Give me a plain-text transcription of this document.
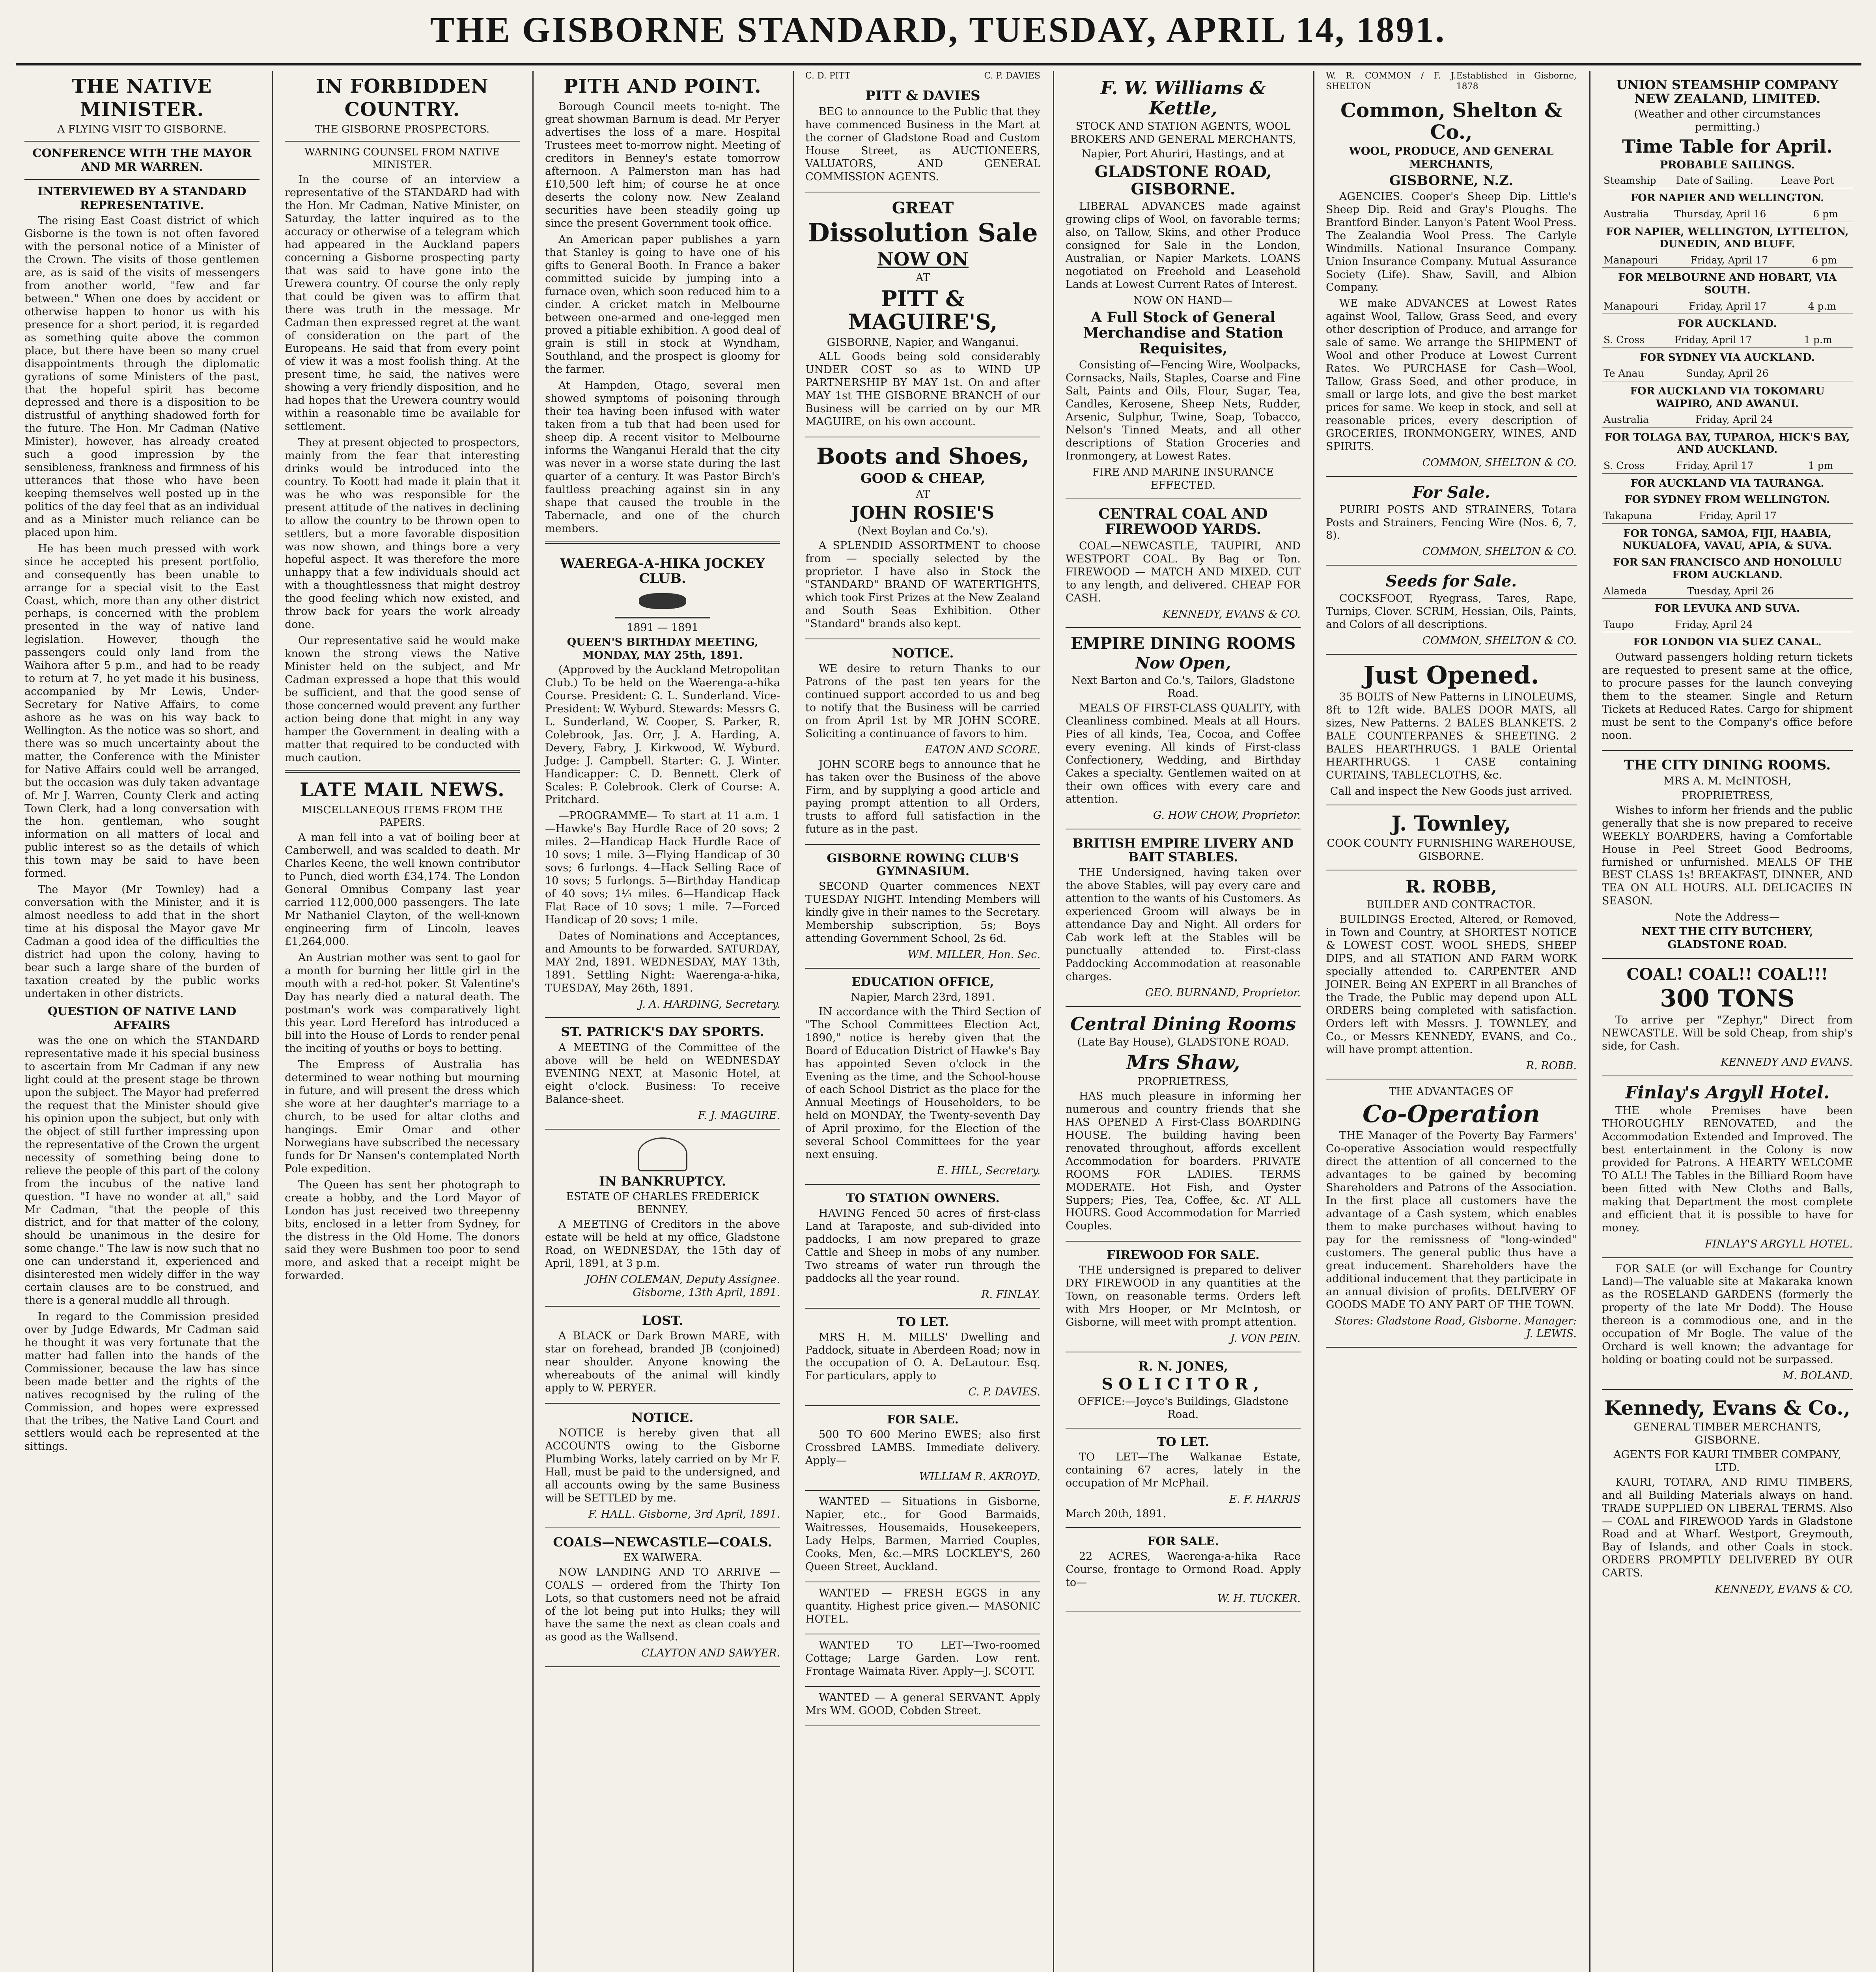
THE GISBORNE STANDARD, TUESDAY, APRIL 14, 1891.
THE NATIVE MINISTER.
A FLYING VISIT TO GISBORNE.
CONFERENCE WITH THE MAYOR AND MR WARREN.
INTERVIEWED BY A STANDARD REPRESENTATIVE.

The rising East Coast district of which Gisborne is the town is not often favored with the personal notice of a Minister of the Crown. The visits of those gentlemen are, as is said of the visits of messengers from another world, "few and far between." When one does by accident or otherwise happen to honor us with his presence for a short period, it is regarded as something quite above the common place, but there have been so many cruel disappointments through the diplomatic gyrations of some Ministers of the past, that the hopeful spirit has become depressed and there is a disposition to be distrustful of anything shadowed forth for the future. The Hon. Mr Cadman (Native Minister), however, has already created such a good impression by the sensibleness, frankness and firmness of his utterances that those who have been keeping themselves well posted up in the politics of the day feel that as an individual and as a Minister much reliance can be placed upon him.

He has been much pressed with work since he accepted his present portfolio, and consequently has been unable to arrange for a special visit to the East Coast, which, more than any other district perhaps, is concerned with the problem presented in the way of native land legislation. However, though the passengers could only land from the Waihora after 5 p.m., and had to be ready to return at 7, he yet made it his business, accompanied by Mr Lewis, Under-Secretary for Native Affairs, to come ashore as he was on his way back to Wellington. As the notice was so short, and there was so much uncertainty about the matter, the Conference with the Minister for Native Affairs could well be arranged, but the occasion was duly taken advantage of. Mr J. Warren, County Clerk and acting Town Clerk, had a long conversation with the hon. gentleman, who sought information on all matters of local and public interest so as the details of which this town may be said to have been formed.

The Mayor (Mr Townley) had a conversation with the Minister, and it is almost needless to add that in the short time at his disposal the Mayor gave Mr Cadman a good idea of the difficulties the district had upon the colony, having to bear such a large share of the burden of taxation created by the public works undertaken in other districts.

QUESTION OF NATIVE LAND AFFAIRS

was the one on which the STANDARD representative made it his special business to ascertain from Mr Cadman if any new light could at the present stage be thrown upon the subject. The Mayor had preferred the request that the Minister should give his opinion upon the subject, but only with the object of still further impressing upon the representative of the Crown the urgent necessity of something being done to relieve the people of this part of the colony from the incubus of the native land question. "I have no wonder at all," said Mr Cadman, "that the people of this district, and for that matter of the colony, should be unanimous in the desire for some change." The law is now such that no one can understand it, experienced and disinterested men widely differ in the way certain clauses are to be construed, and there is a general muddle all through.

In regard to the Commission presided over by Judge Edwards, Mr Cadman said he thought it was very fortunate that the matter had fallen into the hands of the Commissioner, because the law has since been made better and the rights of the natives recognised by the ruling of the Commission, and hopes were expressed that the tribes, the Native Land Court and settlers would each be represented at the sittings.

IN FORBIDDEN COUNTRY.
THE GISBORNE PROSPECTORS.
WARNING COUNSEL FROM NATIVE MINISTER.

In the course of an interview a representative of the STANDARD had with the Hon. Mr Cadman, Native Minister, on Saturday, the latter inquired as to the accuracy or otherwise of a telegram which had appeared in the Auckland papers concerning a Gisborne prospecting party that was said to have gone into the Urewera country. Of course the only reply that could be given was to affirm that there was truth in the message. Mr Cadman then expressed regret at the want of consideration on the part of the Europeans. He said that from every point of view it was a most foolish thing. At the present time, he said, the natives were showing a very friendly disposition, and he had hopes that the Urewera country would within a reasonable time be available for settlement.

They at present objected to prospectors, mainly from the fear that interesting drinks would be introduced into the country. To Koott had made it plain that it was he who was responsible for the present attitude of the natives in declining to allow the country to be thrown open to settlers, but a more favorable disposition was now shown, and things bore a very hopeful aspect. It was therefore the more unhappy that a few individuals should act with a thoughtlessness that might destroy the good feeling which now existed, and throw back for years the work already done.

Our representative said he would make known the strong views the Native Minister held on the subject, and Mr Cadman expressed a hope that this would be sufficient, and that the good sense of those concerned would prevent any further action being done that might in any way hamper the Government in dealing with a matter that required to be conducted with much caution.

LATE MAIL NEWS.
MISCELLANEOUS ITEMS FROM THE PAPERS.

A man fell into a vat of boiling beer at Camberwell, and was scalded to death. Mr Charles Keene, the well known contributor to Punch, died worth £34,174. The London General Omnibus Company last year carried 112,000,000 passengers. The late Mr Nathaniel Clayton, of the well-known engineering firm of Lincoln, leaves £1,264,000.

An Austrian mother was sent to gaol for a month for burning her little girl in the mouth with a red-hot poker. St Valentine's Day has nearly died a natural death. The postman's work was comparatively light this year. Lord Hereford has introduced a bill into the House of Lords to render penal the inciting of youths or boys to betting.

The Empress of Australia has determined to wear nothing but mourning in future, and will present the dress which she wore at her daughter's marriage to a church, to be used for altar cloths and hangings. Emir Omar and other Norwegians have subscribed the necessary funds for Dr Nansen's contemplated North Pole expedition.

The Queen has sent her photograph to create a hobby, and the Lord Mayor of London has just received two threepenny bits, enclosed in a letter from Sydney, for the distress in the Old Home. The donors said they were Bushmen too poor to send more, and asked that a receipt might be forwarded.

PITH AND POINT.

Borough Council meets to-night. The great showman Barnum is dead. Mr Peryer advertises the loss of a mare. Hospital Trustees meet to-morrow night. Meeting of creditors in Benney's estate tomorrow afternoon. A Palmerston man has had £10,500 left him; of course he at once deserts the colony now. New Zealand securities have been steadily going up since the present Government took office.

An American paper publishes a yarn that Stanley is going to have one of his gifts to General Booth. In France a baker committed suicide by jumping into a furnace oven, which soon reduced him to a cinder. A cricket match in Melbourne between one-armed and one-legged men proved a pitiable exhibition. A good deal of grain is still in stock at Wyndham, Southland, and the prospect is gloomy for the farmer.

At Hampden, Otago, several men showed symptoms of poisoning through their tea having been infused with water taken from a tub that had been used for sheep dip. A recent visitor to Melbourne informs the Wanganui Herald that the city was never in a worse state during the last quarter of a century. It was Pastor Birch's faultless preaching against sin in any shape that caused the trouble in the Tabernacle, and one of the church members.

WAEREGA-A-HIKA JOCKEY CLUB.
1891 — 1891
QUEEN'S BIRTHDAY MEETING, MONDAY, MAY 25th, 1891.

(Approved by the Auckland Metropolitan Club.) To be held on the Waerenga-a-hika Course. President: G. L. Sunderland. Vice-President: W. Wyburd. Stewards: Messrs G. L. Sunderland, W. Cooper, S. Parker, R. Colebrook, Jas. Orr, J. A. Harding, A. Devery, Fabry, J. Kirkwood, W. Wyburd. Judge: J. Campbell. Starter: G. J. Winter. Handicapper: C. D. Bennett. Clerk of Scales: P. Colebrook. Clerk of Course: A. Pritchard.

—PROGRAMME— To start at 11 a.m. 1—Hawke's Bay Hurdle Race of 20 sovs; 2 miles. 2—Handicap Hack Hurdle Race of 10 sovs; 1 mile. 3—Flying Handicap of 30 sovs; 6 furlongs. 4—Hack Selling Race of 10 sovs; 5 furlongs. 5—Birthday Handicap of 40 sovs; 1¼ miles. 6—Handicap Hack Flat Race of 10 sovs; 1 mile. 7—Forced Handicap of 20 sovs; 1 mile.

Dates of Nominations and Acceptances, and Amounts to be forwarded. SATURDAY, MAY 2nd, 1891. WEDNESDAY, MAY 13th, 1891. Settling Night: Waerenga-a-hika, TUESDAY, May 26th, 1891.

J. A. HARDING, Secretary.
ST. PATRICK'S DAY SPORTS.

A MEETING of the Committee of the above will be held on WEDNESDAY EVENING NEXT, at Masonic Hotel, at eight o'clock. Business: To receive Balance-sheet.

F. J. MAGUIRE.
IN BANKRUPTCY.
ESTATE OF CHARLES FREDERICK BENNEY.

A MEETING of Creditors in the above estate will be held at my office, Gladstone Road, on WEDNESDAY, the 15th day of April, 1891, at 3 p.m.

JOHN COLEMAN, Deputy Assignee. Gisborne, 13th April, 1891.
LOST.

A BLACK or Dark Brown MARE, with star on forehead, branded JB (conjoined) near shoulder. Anyone knowing the whereabouts of the animal will kindly apply to W. PERYER.

NOTICE.

NOTICE is hereby given that all ACCOUNTS owing to the Gisborne Plumbing Works, lately carried on by Mr F. Hall, must be paid to the undersigned, and all accounts owing by the same Business will be SETTLED by me.

F. HALL. Gisborne, 3rd April, 1891.
COALS—NEWCASTLE—COALS.
EX WAIWERA.

NOW LANDING AND TO ARRIVE — COALS — ordered from the Thirty Ton Lots, so that customers need not be afraid of the lot being put into Hulks; they will have the same the next as clean coals and as good as the Wallsend.

CLAYTON AND SAWYER.
C. D. PITT	C. P. DAVIES
PITT & DAVIES

BEG to announce to the Public that they have commenced Business in the Mart at the corner of Gladstone Road and Custom House Street, as AUCTIONEERS, VALUATORS, AND GENERAL COMMISSION AGENTS.

GREAT
Dissolution Sale
NOW ON
AT
PITT & MAGUIRE'S,
GISBORNE, Napier, and Wanganui.

ALL Goods being sold considerably UNDER COST so as to WIND UP PARTNERSHIP BY MAY 1st. On and after MAY 1st THE GISBORNE BRANCH of our Business will be carried on by our MR MAGUIRE, on his own account.

Boots and Shoes,
GOOD & CHEAP,
AT
JOHN ROSIE'S
(Next Boylan and Co.'s).

A SPLENDID ASSORTMENT to choose from — specially selected by the proprietor. I have also in Stock the "STANDARD" BRAND OF WATERTIGHTS, which took First Prizes at the New Zealand and South Seas Exhibition. Other "Standard" brands also kept.

NOTICE.

WE desire to return Thanks to our Patrons of the past ten years for the continued support accorded to us and beg to notify that the Business will be carried on from April 1st by MR JOHN SCORE. Soliciting a continuance of favors to him.

EATON AND SCORE.

JOHN SCORE begs to announce that he has taken over the Business of the above Firm, and by supplying a good article and paying prompt attention to all Orders, trusts to afford full satisfaction in the future as in the past.

GISBORNE ROWING CLUB'S GYMNASIUM.

SECOND Quarter commences NEXT TUESDAY NIGHT. Intending Members will kindly give in their names to the Secretary. Membership subscription, 5s; Boys attending Government School, 2s 6d.

WM. MILLER, Hon. Sec.
EDUCATION OFFICE,
Napier, March 23rd, 1891.

IN accordance with the Third Section of "The School Committees Election Act, 1890," notice is hereby given that the Board of Education District of Hawke's Bay has appointed Seven o'clock in the Evening as the time, and the School-house of each School District as the place for the Annual Meetings of Householders, to be held on MONDAY, the Twenty-seventh Day of April proximo, for the Election of the several School Committees for the year next ensuing.

E. HILL, Secretary.
TO STATION OWNERS.

HAVING Fenced 50 acres of first-class Land at Taraposte, and sub-divided into paddocks, I am now prepared to graze Cattle and Sheep in mobs of any number. Two streams of water run through the paddocks all the year round.

R. FINLAY.
TO LET.

MRS H. M. MILLS' Dwelling and Paddock, situate in Aberdeen Road; now in the occupation of O. A. DeLautour. Esq. For particulars, apply to

C. P. DAVIES.
FOR SALE.

500 TO 600 Merino EWES; also first Crossbred LAMBS. Immediate delivery. Apply—

WILLIAM R. AKROYD.

WANTED — Situations in Gisborne, Napier, etc., for Good Barmaids, Waitresses, Housemaids, Housekeepers, Lady Helps, Barmen, Married Couples, Cooks, Men, &c.—MRS LOCKLEY'S, 260 Queen Street, Auckland.

WANTED — FRESH EGGS in any quantity. Highest price given.— MASONIC HOTEL.

WANTED TO LET—Two-roomed Cottage; Large Garden. Low rent. Frontage Waimata River. Apply—J. SCOTT.

WANTED — A general SERVANT. Apply Mrs WM. GOOD, Cobden Street.

F. W. Williams & Kettle,
STOCK AND STATION AGENTS, WOOL BROKERS AND GENERAL MERCHANTS,
Napier, Port Ahuriri, Hastings, and at
GLADSTONE ROAD, GISBORNE.

LIBERAL ADVANCES made against growing clips of Wool, on favorable terms; also, on Tallow, Skins, and other Produce consigned for Sale in the London, Australian, or Napier Markets. LOANS negotiated on Freehold and Leasehold Lands at Lowest Current Rates of Interest.

NOW ON HAND—
A Full Stock of General Merchandise and Station Requisites,

Consisting of—Fencing Wire, Woolpacks, Cornsacks, Nails, Staples, Coarse and Fine Salt, Paints and Oils, Flour, Sugar, Tea, Candles, Kerosene, Sheep Nets, Rudder, Arsenic, Sulphur, Twine, Soap, Tobacco, Nelson's Tinned Meats, and all other descriptions of Station Groceries and Ironmongery, at Lowest Rates.

FIRE AND MARINE INSURANCE EFFECTED.
CENTRAL COAL AND FIREWOOD YARDS.

COAL—NEWCASTLE, TAUPIRI, AND WESTPORT COAL. By Bag or Ton. FIREWOOD — MATCH AND MIXED. CUT to any length, and delivered. CHEAP FOR CASH.

KENNEDY, EVANS & CO.
EMPIRE DINING ROOMS
Now Open,
Next Barton and Co.'s, Tailors, Gladstone Road.

MEALS OF FIRST-CLASS QUALITY, with Cleanliness combined. Meals at all Hours. Pies of all kinds, Tea, Cocoa, and Coffee every evening. All kinds of First-class Confectionery, Wedding, and Birthday Cakes a specialty. Gentlemen waited on at their own offices with every care and attention.

G. HOW CHOW, Proprietor.
BRITISH EMPIRE LIVERY AND BAIT STABLES.

THE Undersigned, having taken over the above Stables, will pay every care and attention to the wants of his Customers. As experienced Groom will always be in attendance Day and Night. All orders for Cab work left at the Stables will be punctually attended to. First-class Paddocking Accommodation at reasonable charges.

GEO. BURNAND, Proprietor.
Central Dining Rooms
(Late Bay House), GLADSTONE ROAD.
Mrs Shaw,
PROPRIETRESS,

HAS much pleasure in informing her numerous and country friends that she HAS OPENED A First-Class BOARDING HOUSE. The building having been renovated throughout, affords excellent Accommodation for boarders. PRIVATE ROOMS FOR LADIES. TERMS MODERATE. Hot Fish, and Oyster Suppers; Pies, Tea, Coffee, &c. AT ALL HOURS. Good Accommodation for Married Couples.

FIREWOOD FOR SALE.

THE undersigned is prepared to deliver DRY FIREWOOD in any quantities at the Town, on reasonable terms. Orders left with Mrs Hooper, or Mr McIntosh, or Gisborne, will meet with prompt attention.

J. VON PEIN.
R. N. JONES,
SOLICITOR,
OFFICE:—Joyce's Buildings, Gladstone Road.
TO LET.

TO LET—The Walkanae Estate, containing 67 acres, lately in the occupation of Mr McPhail.

E. F. HARRIS
March 20th, 1891.
FOR SALE.

22 ACRES, Waerenga-a-hika Race Course, frontage to Ormond Road. Apply to—

W. H. TUCKER.
W. R. COMMON / F. J. SHELTON
Established in Gisborne, 1878
Common, Shelton & Co.,
WOOL, PRODUCE, AND GENERAL MERCHANTS,
GISBORNE, N.Z.

AGENCIES. Cooper's Sheep Dip. Little's Sheep Dip. Reid and Gray's Ploughs. The Brantford Binder. Lanyon's Patent Wool Press. The Zealandia Wool Press. The Carlyle Windmills. National Insurance Company. Union Insurance Company. Mutual Assurance Society (Life). Shaw, Savill, and Albion Company.

WE make ADVANCES at Lowest Rates against Wool, Tallow, Grass Seed, and every other description of Produce, and arrange for sale of same. We arrange the SHIPMENT of Wool and other Produce at Lowest Current Rates. We PURCHASE for Cash—Wool, Tallow, Grass Seed, and other produce, in small or large lots, and give the best market prices for same. We keep in stock, and sell at reasonable prices, every description of GROCERIES, IRONMONGERY, WINES, AND SPIRITS.

COMMON, SHELTON & CO.
For Sale.

PURIRI POSTS AND STRAINERS, Totara Posts and Strainers, Fencing Wire (Nos. 6, 7, 8).

COMMON, SHELTON & CO.
Seeds for Sale.

COCKSFOOT, Ryegrass, Tares, Rape, Turnips, Clover. SCRIM, Hessian, Oils, Paints, and Colors of all descriptions.

COMMON, SHELTON & CO.
Just Opened.

35 BOLTS of New Patterns in LINOLEUMS, 8ft to 12ft wide. BALES DOOR MATS, all sizes, New Patterns. 2 BALES BLANKETS. 2 BALE COUNTERPANES & SHEETING. 2 BALES HEARTHRUGS. 1 BALE Oriental HEARTHRUGS. 1 CASE containing CURTAINS, TABLECLOTHS, &c.

Call and inspect the New Goods just arrived.
J. Townley,
COOK COUNTY FURNISHING WAREHOUSE, GISBORNE.
R. ROBB,
BUILDER AND CONTRACTOR.

BUILDINGS Erected, Altered, or Removed, in Town and Country, at SHORTEST NOTICE & LOWEST COST. WOOL SHEDS, SHEEP DIPS, and all STATION AND FARM WORK specially attended to. CARPENTER AND JOINER. Being AN EXPERT in all Branches of the Trade, the Public may depend upon ALL ORDERS being completed with satisfaction. Orders left with Messrs. J. TOWNLEY, and Co., or Messrs KENNEDY, EVANS, and Co., will have prompt attention.

R. ROBB.
THE ADVANTAGES OF
Co-Operation

THE Manager of the Poverty Bay Farmers' Co-operative Association would respectfully direct the attention of all concerned to the advantages to be gained by becoming Shareholders and Patrons of the Association. In the first place all customers have the advantage of a Cash system, which enables them to make purchases without having to pay for the remissness of "long-winded" customers. The general public thus have a great inducement. Shareholders have the additional inducement that they participate in an annual division of profits. DELIVERY OF GOODS MADE TO ANY PART OF THE TOWN.

Stores: Gladstone Road, Gisborne. Manager: J. LEWIS.
UNION STEAMSHIP COMPANY NEW ZEALAND, LIMITED.
(Weather and other circumstances permitting.)
Time Table for April.
PROBABLE SAILINGS.
Steamship	Date of Sailing.	Leave Port
FOR NAPIER AND WELLINGTON.
Australia	Thursday, April 16	6 pm
FOR NAPIER, WELLINGTON, LYTTELTON, DUNEDIN, AND BLUFF.
Manapouri	Friday, April 17	6 pm
FOR MELBOURNE AND HOBART, VIA SOUTH.
Manapouri	Friday, April 17	4 p.m
FOR AUCKLAND.
S. Cross	Friday, April 17	1 p.m
FOR SYDNEY VIA AUCKLAND.
Te Anau	Sunday, April 26	
FOR AUCKLAND VIA TOKOMARU WAIPIRO, AND AWANUI.
Australia	Friday, April 24	
FOR TOLAGA BAY, TUPAROA, HICK'S BAY, AND AUCKLAND.
S. Cross	Friday, April 17	1 pm
FOR AUCKLAND VIA TAURANGA.
FOR SYDNEY FROM WELLINGTON.
Takapuna	Friday, April 17	
FOR TONGA, SAMOA, FIJI, HAABIA, NUKUALOFA, VAVAU, APIA, & SUVA.
FOR SAN FRANCISCO AND HONOLULU FROM AUCKLAND.
Alameda	Tuesday, April 26	
FOR LEVUKA AND SUVA.
Taupo	Friday, April 24	
FOR LONDON VIA SUEZ CANAL.

Outward passengers holding return tickets are requested to present same at the office, to procure passes for the launch conveying them to the steamer. Single and Return Tickets at Reduced Rates. Cargo for shipment must be sent to the Company's office before noon.

THE CITY DINING ROOMS.
MRS A. M. McINTOSH,
PROPRIETRESS,

Wishes to inform her friends and the public generally that she is now prepared to receive WEEKLY BOARDERS, having a Comfortable House in Peel Street Good Bedrooms, furnished or unfurnished. MEALS OF THE BEST CLASS 1s! BREAKFAST, DINNER, AND TEA ON ALL HOURS. ALL DELICACIES IN SEASON.

Note the Address—
NEXT THE CITY BUTCHERY, GLADSTONE ROAD.
COAL! COAL!! COAL!!!
300 TONS

To arrive per "Zephyr," Direct from NEWCASTLE. Will be sold Cheap, from ship's side, for Cash.

KENNEDY AND EVANS.
Finlay's Argyll Hotel.

THE whole Premises have been THOROUGHLY RENOVATED, and the Accommodation Extended and Improved. The best entertainment in the Colony is now provided for Patrons. A HEARTY WELCOME TO ALL! The Tables in the Billiard Room have been fitted with New Cloths and Balls, making that Department the most complete and efficient that it is possible to have for money.

FINLAY'S ARGYLL HOTEL.

FOR SALE (or will Exchange for Country Land)—The valuable site at Makaraka known as the ROSELAND GARDENS (formerly the property of the late Mr Dodd). The House thereon is a commodious one, and in the occupation of Mr Bogle. The value of the Orchard is well known; the advantage for holding or boating could not be surpassed.

M. BOLAND.
Kennedy, Evans & Co.,
GENERAL TIMBER MERCHANTS, GISBORNE.
AGENTS FOR KAURI TIMBER COMPANY, LTD.

KAURI, TOTARA, AND RIMU TIMBERS, and all Building Materials always on hand. TRADE SUPPLIED ON LIBERAL TERMS. Also— COAL and FIREWOOD Yards in Gladstone Road and at Wharf. Westport, Greymouth, Bay of Islands, and other Coals in stock. ORDERS PROMPTLY DELIVERED BY OUR CARTS.

KENNEDY, EVANS & CO.
